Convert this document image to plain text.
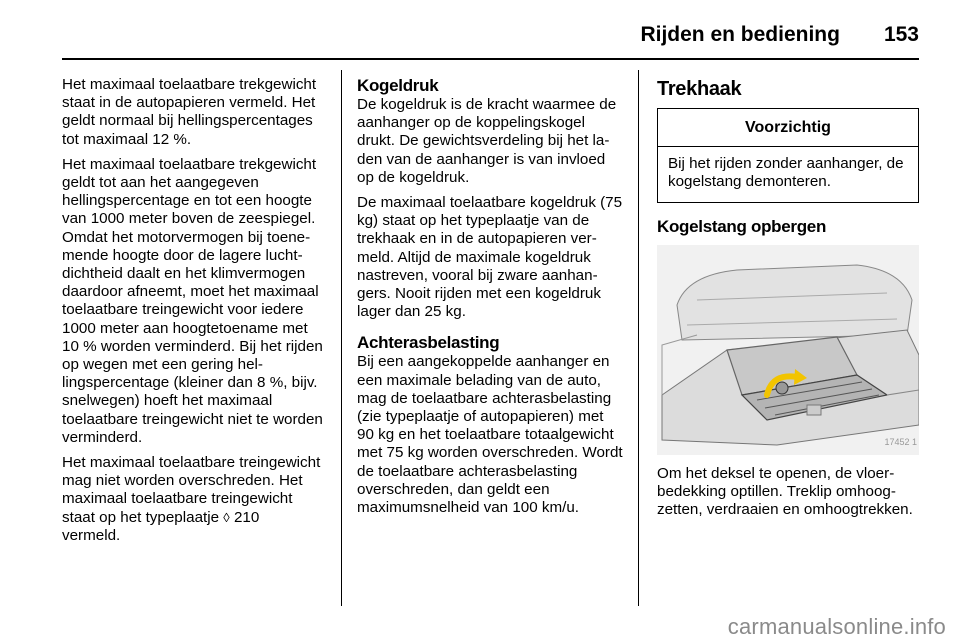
Rijden en bediening 153

Het maximaal toelaatbare trekgewicht staat in de autopapieren vermeld. Het geldt normaal bij hellingspercentages tot maximaal 12 %.

Het maximaal toelaatbare trekgewicht geldt tot aan het aangegeven hellingspercentage en tot een hoogte van 1000 meter boven de zeespiegel. Omdat het motorvermogen bij toenemende hoogte door de lagere luchtdichtheid daalt en het klimvermogen daardoor afneemt, moet het maximaal toelaatbare treingewicht voor iedere 1000 meter aan hoogtetoename met 10 % worden verminderd. Bij het rijden op wegen met een gering hellingspercentage (kleiner dan 8 %, bijv. snelwegen) hoeft het maximaal toelaatbare treingewicht niet te worden verminderd.

Het maximaal toelaatbare treingewicht mag niet worden overschreden. Het maximaal toelaatbare treingewicht staat op het typeplaatje ◊ 210
vermeld.

Kogeldruk

De kogeldruk is de kracht waarmee de aanhanger op de koppelingskogel drukt. De gewichtsverdeling bij het laden van de aanhanger is van invloed op de kogeldruk.

De maximaal toelaatbare kogeldruk (75 kg) staat op het typeplaatje van de trekhaak en in de autopapieren vermeld. Altijd de maximale kogeldruk nastreven, vooral bij zware aanhangers. Nooit rijden met een kogeldruk lager dan 25 kg.

Achterasbelasting

Bij een aangekoppelde aanhanger en een maximale belading van de auto, mag de toelaatbare achterasbelasting (zie typeplaatje of autopapieren) met 90 kg en het toelaatbare totaalgewicht met 75 kg worden overschreden. Wordt de toelaatbare achterasbelasting overschreden, dan geldt een maximumsnelheid van 100 km/u.

Trekhaak
Voorzichtig
Bij het rijden zonder aanhanger, de kogelstang demonteren.
Kogelstang opbergen
17452 1

Om het deksel te openen, de vloerbedekking optillen. Treklip omhoogzetten, verdraaien en omhoogtrekken.

carmanualsonline.info
